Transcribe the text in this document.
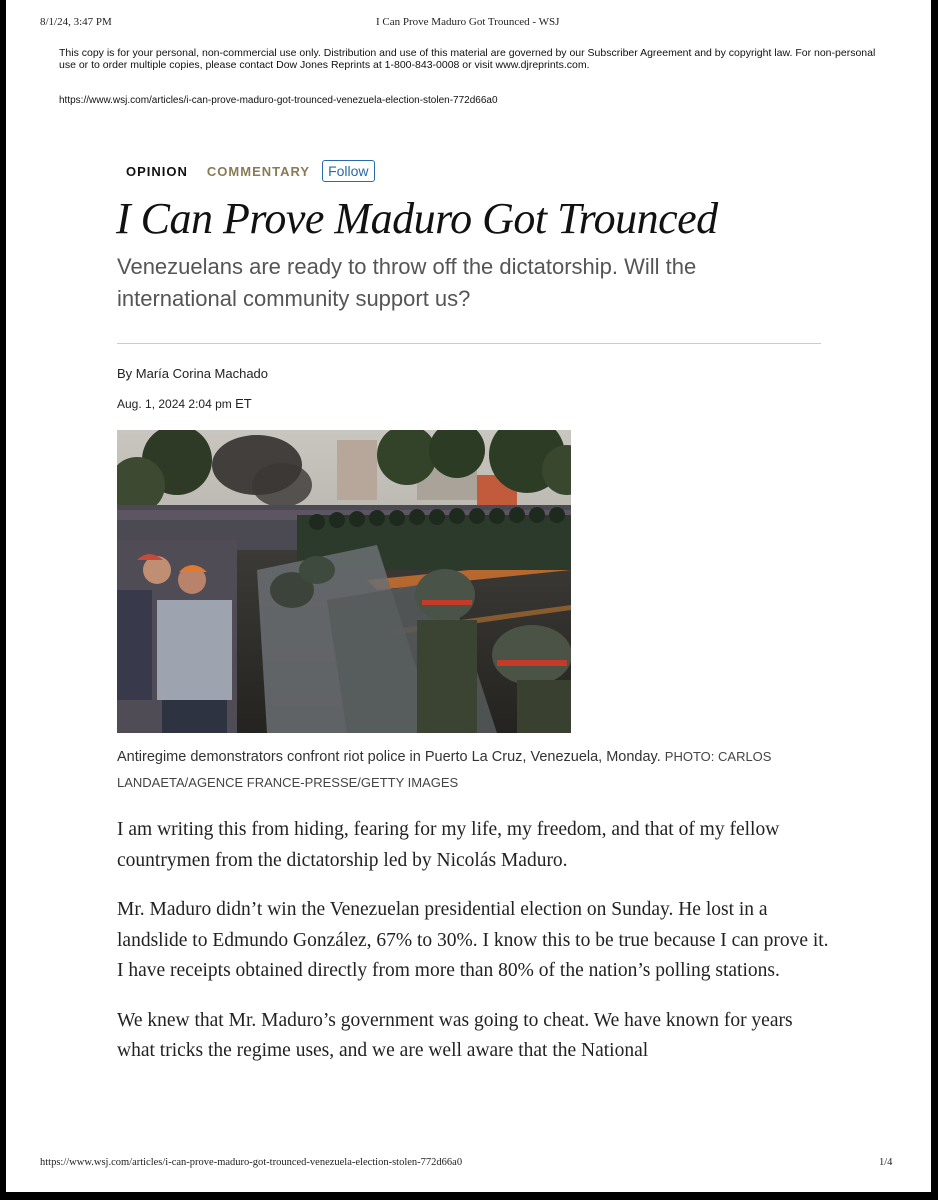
8/1/24, 3:47 PM	I Can Prove Maduro Got Trounced - WSJ
This copy is for your personal, non-commercial use only. Distribution and use of this material are governed by our Subscriber Agreement and by copyright law. For non-personal use or to order multiple copies, please contact Dow Jones Reprints at 1-800-843-0008 or visit www.djreprints.com.
https://www.wsj.com/articles/i-can-prove-maduro-got-trounced-venezuela-election-stolen-772d66a0
OPINION COMMENTARY	Follow
I Can Prove Maduro Got Trounced
Venezuelans are ready to throw off the dictatorship. Will the international community support us?
By María Corina Machado
Aug. 1, 2024 2:04 pm ET
Antiregime demonstrators confront riot police in Puerto La Cruz, Venezuela, Monday. PHOTO: CARLOS LANDAETA/AGENCE FRANCE-PRESSE/GETTY IMAGES

I am writing this from hiding, fearing for my life, my freedom, and that of my fellow countrymen from the dictatorship led by Nicolás Maduro.

Mr. Maduro didn’t win the Venezuelan presidential election on Sunday. He lost in a landslide to Edmundo González, 67% to 30%. I know this to be true because I can prove it. I have receipts obtained directly from more than 80% of the nation’s polling stations.

We knew that Mr. Maduro’s government was going to cheat. We have known for years what tricks the regime uses, and we are well aware that the National

https://www.wsj.com/articles/i-can-prove-maduro-got-trounced-venezuela-election-stolen-772d66a0	1/4
